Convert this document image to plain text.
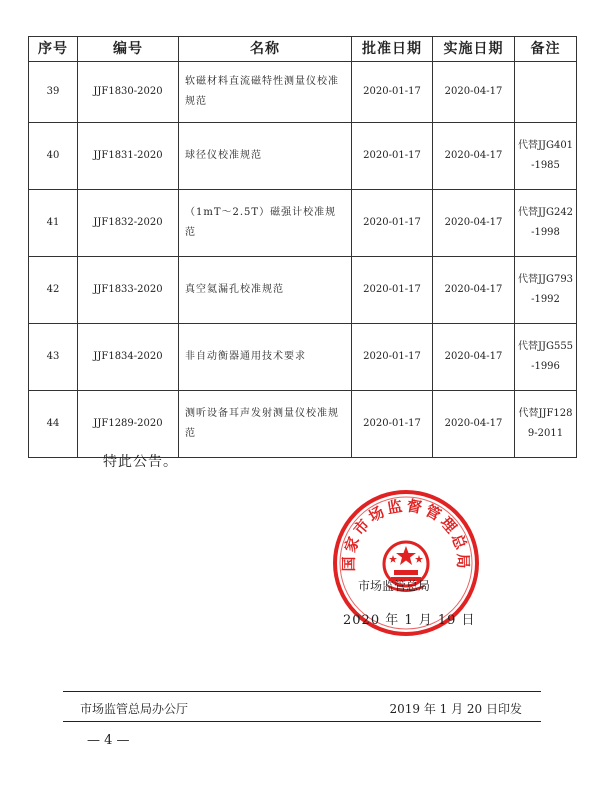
序号	编号	名称	批准日期	实施日期	备注
39	JJF1830-2020	软磁材料直流磁特性测量仪校准规范	2020-01-17	2020-04-17	
40	JJF1831-2020	球径仪校准规范	2020-01-17	2020-04-17	代替JJG401-1985
41	JJF1832-2020	（1mT～2.5T）磁强计校准规范	2020-01-17	2020-04-17	代替JJG242-1998
42	JJF1833-2020	真空氦漏孔校准规范	2020-01-17	2020-04-17	代替JJG793-1992
43	JJF1834-2020	非自动衡器通用技术要求	2020-01-17	2020-04-17	代替JJG555-1996
44	JJF1289-2020	测听设备耳声发射测量仪校准规范	2020-01-17	2020-04-17	代替JJF1289-2011
特此公告。
国家市场监督管理总局
市场监管总局
2020 年 1 月 19 日
市场监管总局办公厅	2019 年 1 月 20 日印发
— 4 —
